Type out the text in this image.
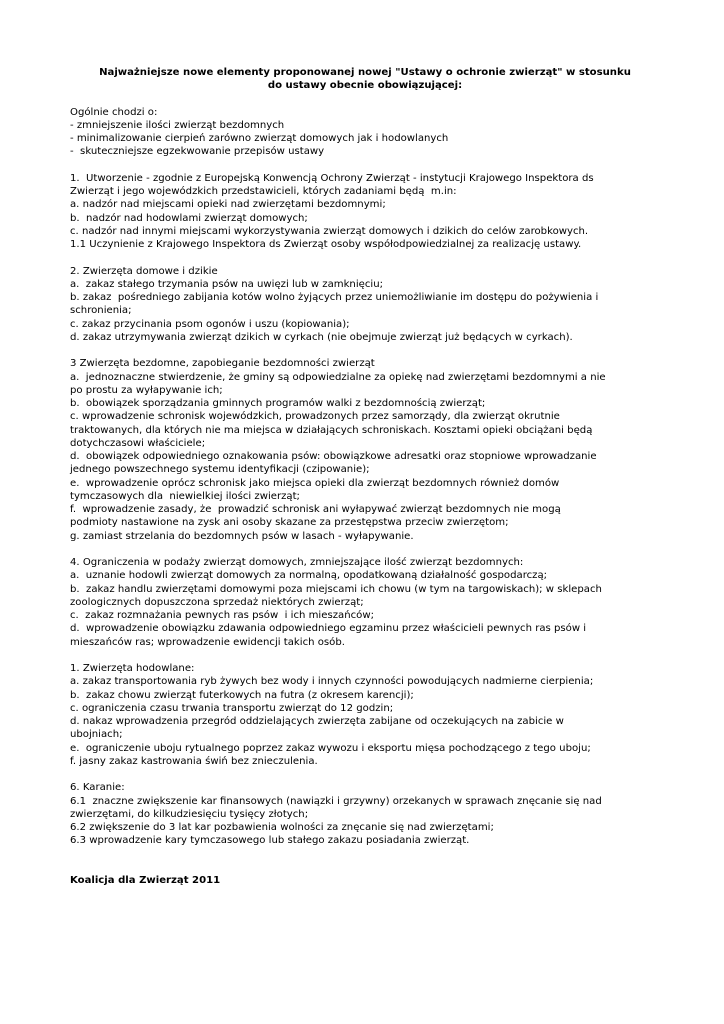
Najważniejsze nowe elementy proponowanej nowej "Ustawy o ochronie zwierząt" w stosunku
do ustawy obecnie obowiązującej:
Ogólnie chodzi o:
- zmniejszenie ilości zwierząt bezdomnych
- minimalizowanie cierpień zarówno zwierząt domowych jak i hodowlanych
-  skuteczniejsze egzekwowanie przepisów ustawy
1.  Utworzenie - zgodnie z Europejską Konwencją Ochrony Zwierząt - instytucji Krajowego Inspektora ds
Zwierząt i jego wojewódzkich przedstawicieli, których zadaniami będą  m.in:
a. nadzór nad miejscami opieki nad zwierzętami bezdomnymi;
b.  nadzór nad hodowlami zwierząt domowych;
c. nadzór nad innymi miejscami wykorzystywania zwierząt domowych i dzikich do celów zarobkowych.
1.1 Uczynienie z Krajowego Inspektora ds Zwierząt osoby współodpowiedzialnej za realizację ustawy.
2. Zwierzęta domowe i dzikie
a.  zakaz stałego trzymania psów na uwięzi lub w zamknięciu;
b. zakaz  pośredniego zabijania kotów wolno żyjących przez uniemożliwianie im dostępu do pożywienia i
schronienia;
c. zakaz przycinania psom ogonów i uszu (kopiowania);
d. zakaz utrzymywania zwierząt dzikich w cyrkach (nie obejmuje zwierząt już będących w cyrkach).
3 Zwierzęta bezdomne, zapobieganie bezdomności zwierząt
a.  jednoznaczne stwierdzenie, że gminy są odpowiedzialne za opiekę nad zwierzętami bezdomnymi a nie
po prostu za wyłapywanie ich;
b.  obowiązek sporządzania gminnych programów walki z bezdomnością zwierząt;
c. wprowadzenie schronisk wojewódzkich, prowadzonych przez samorządy, dla zwierząt okrutnie
traktowanych, dla których nie ma miejsca w działających schroniskach. Kosztami opieki obciążani będą
dotychczasowi właściciele;
d.  obowiązek odpowiedniego oznakowania psów: obowiązkowe adresatki oraz stopniowe wprowadzanie
jednego powszechnego systemu identyfikacji (czipowanie);
e.  wprowadzenie oprócz schronisk jako miejsca opieki dla zwierząt bezdomnych również domów
tymczasowych dla  niewielkiej ilości zwierząt;
f.  wprowadzenie zasady, że  prowadzić schronisk ani wyłapywać zwierząt bezdomnych nie mogą
podmioty nastawione na zysk ani osoby skazane za przestępstwa przeciw zwierzętom;
g. zamiast strzelania do bezdomnych psów w lasach - wyłapywanie.
4. Ograniczenia w podaży zwierząt domowych, zmniejszające ilość zwierząt bezdomnych:
a.  uznanie hodowli zwierząt domowych za normalną, opodatkowaną działalność gospodarczą;
b.  zakaz handlu zwierzętami domowymi poza miejscami ich chowu (w tym na targowiskach); w sklepach
zoologicznych dopuszczona sprzedaż niektórych zwierząt;
c.  zakaz rozmnażania pewnych ras psów  i ich mieszańców;
d.  wprowadzenie obowiązku zdawania odpowiedniego egzaminu przez właścicieli pewnych ras psów i
mieszańców ras; wprowadzenie ewidencji takich osób.
1. Zwierzęta hodowlane:
a. zakaz transportowania ryb żywych bez wody i innych czynności powodujących nadmierne cierpienia;
b.  zakaz chowu zwierząt futerkowych na futra (z okresem karencji);
c. ograniczenia czasu trwania transportu zwierząt do 12 godzin;
d. nakaz wprowadzenia przegród oddzielających zwierzęta zabijane od oczekujących na zabicie w
ubojniach;
e.  ograniczenie uboju rytualnego poprzez zakaz wywozu i eksportu mięsa pochodzącego z tego uboju;
f. jasny zakaz kastrowania świń bez znieczulenia.
6. Karanie:
6.1  znaczne zwiększenie kar finansowych (nawiązki i grzywny) orzekanych w sprawach znęcanie się nad
zwierzętami, do kilkudziesięciu tysięcy złotych;
6.2 zwiększenie do 3 lat kar pozbawienia wolności za znęcanie się nad zwierzętami;
6.3 wprowadzenie kary tymczasowego lub stałego zakazu posiadania zwierząt.
Koalicja dla Zwierząt 2011
